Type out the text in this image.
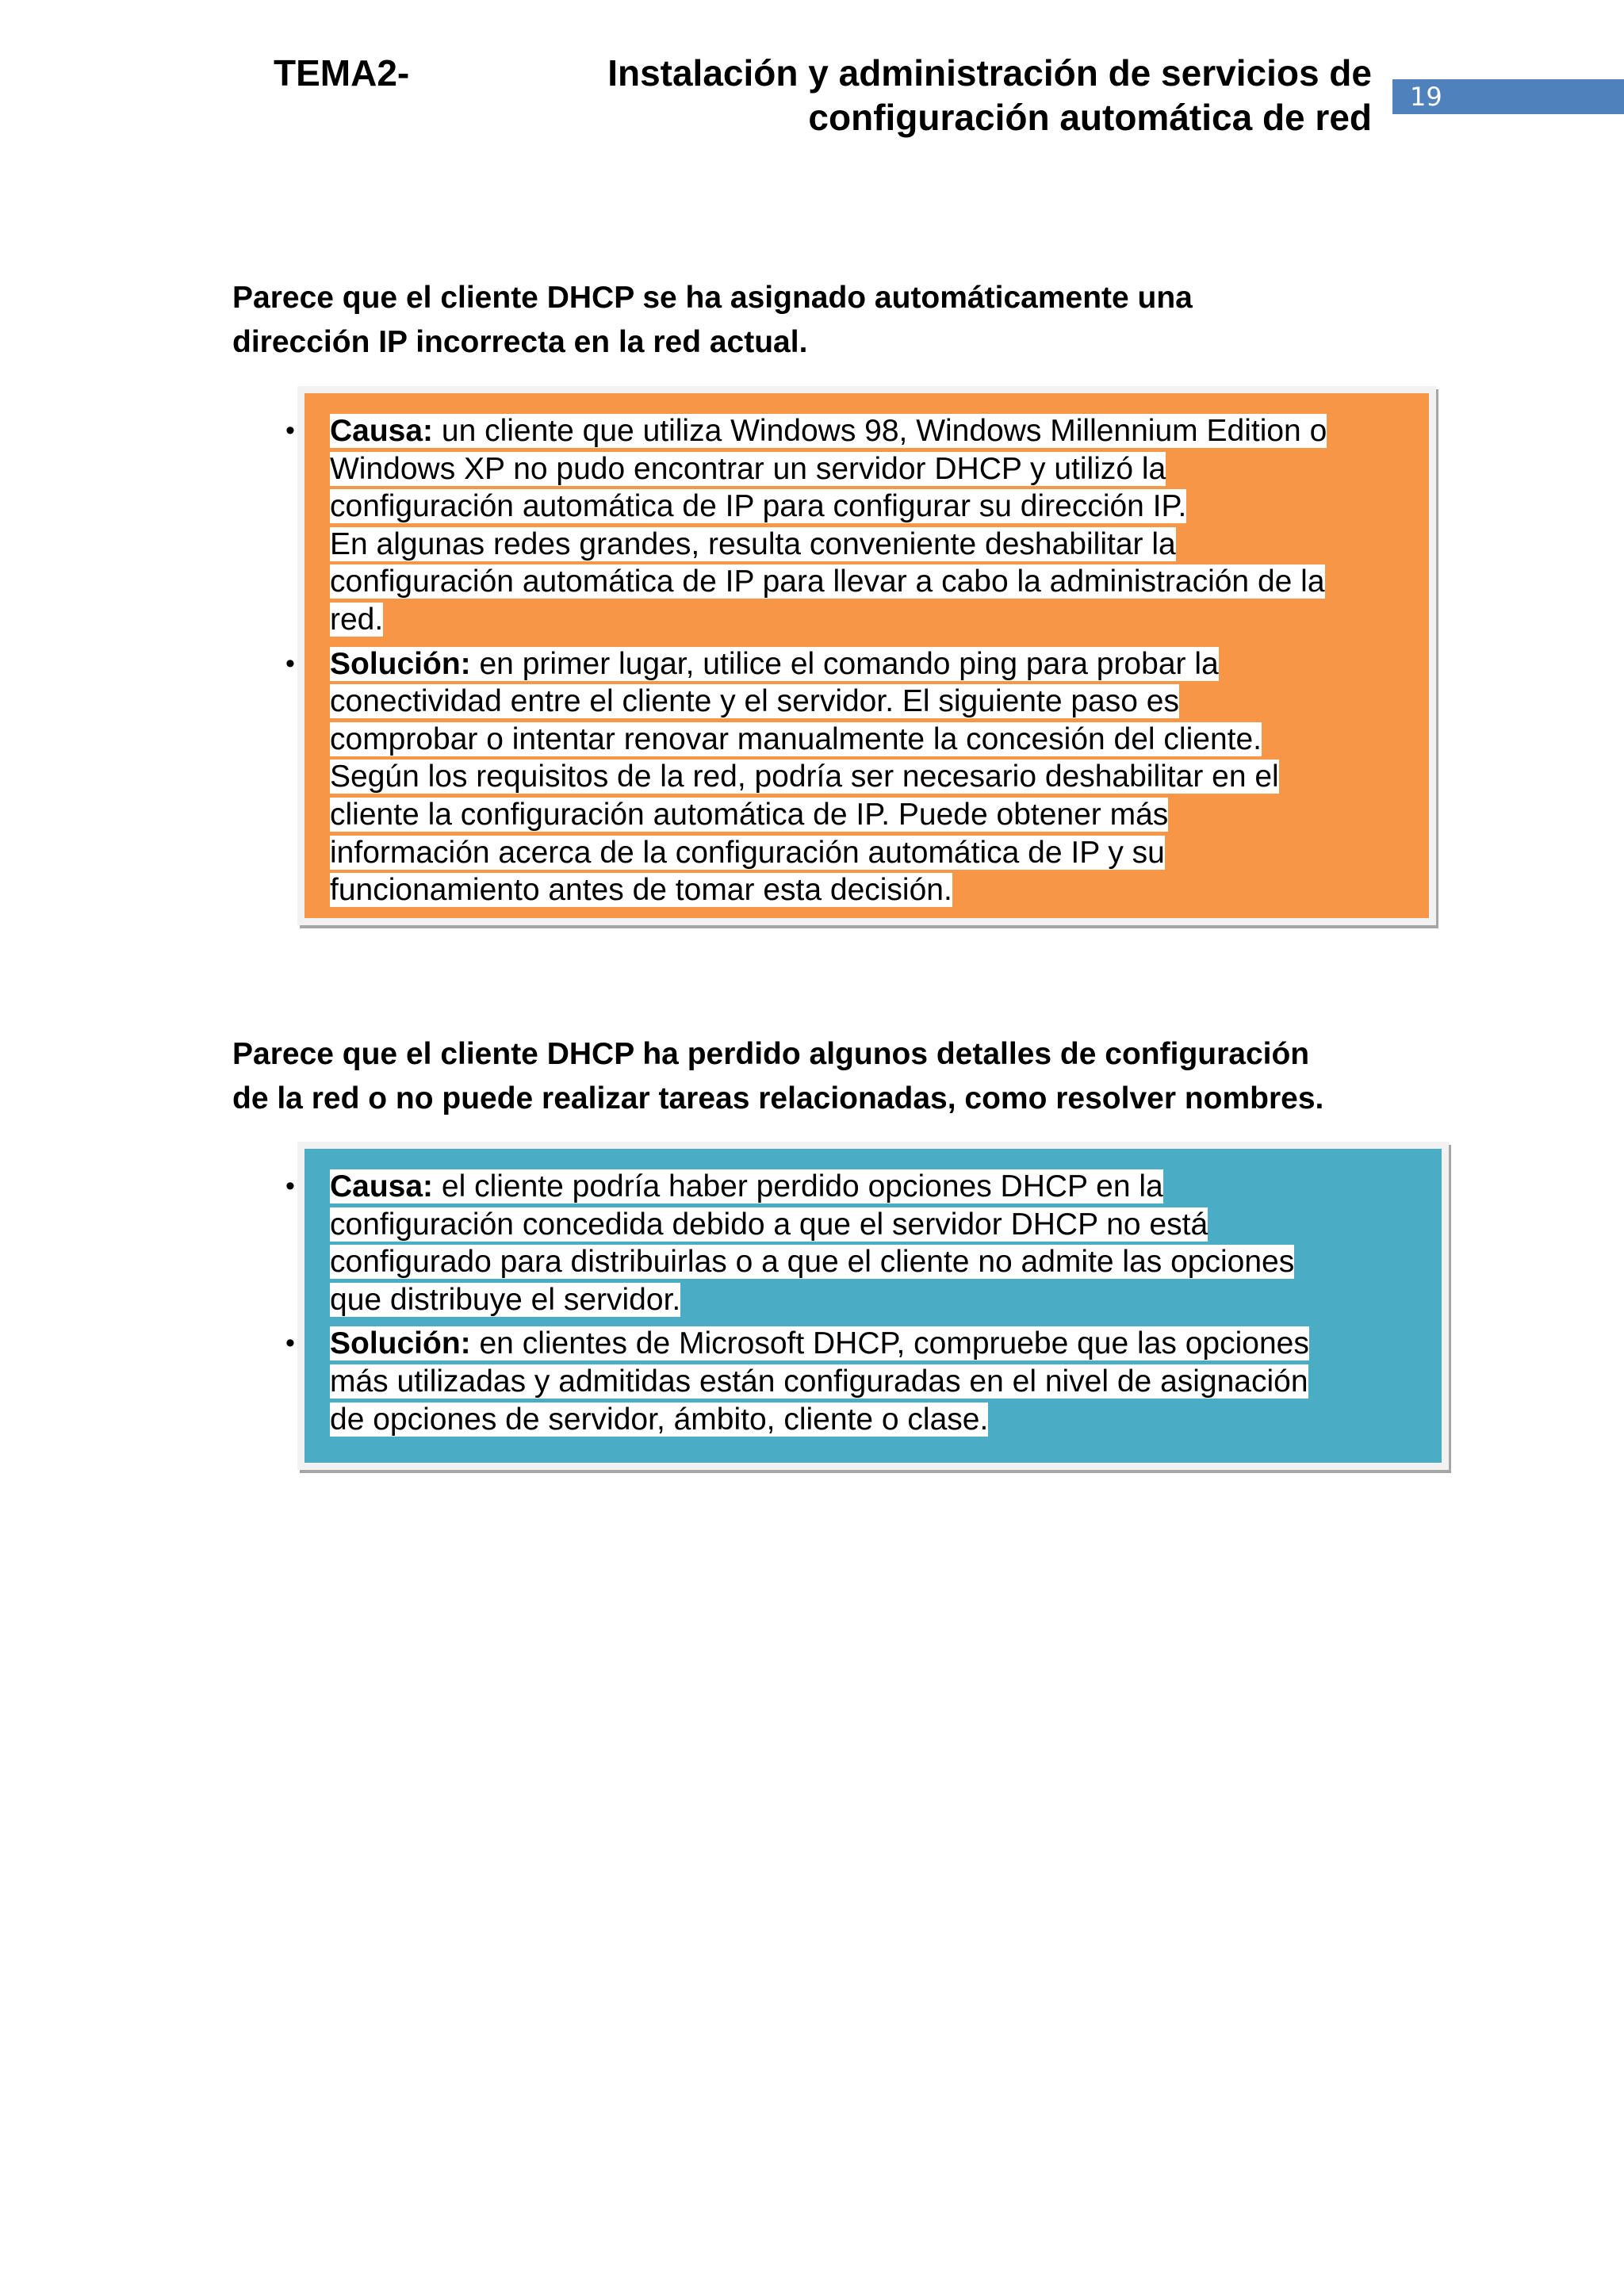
TEMA2-	Instalación y administración de servicios de
configuración automática de red 19
Parece que el cliente DHCP se ha asignado automáticamente una
dirección IP incorrecta en la red actual.
• Causa: un cliente que utiliza Windows 98, Windows Millennium Edition o
Windows XP no pudo encontrar un servidor DHCP y utilizó la
configuración automática de IP para configurar su dirección IP.
En algunas redes grandes, resulta conveniente deshabilitar la
configuración automática de IP para llevar a cabo la administración de la
red.
• Solución: en primer lugar, utilice el comando ping para probar la
conectividad entre el cliente y el servidor. El siguiente paso es
comprobar o intentar renovar manualmente la concesión del cliente.
Según los requisitos de la red, podría ser necesario deshabilitar en el
cliente la configuración automática de IP. Puede obtener más
información acerca de la configuración automática de IP y su
funcionamiento antes de tomar esta decisión.
Parece que el cliente DHCP ha perdido algunos detalles de configuración
de la red o no puede realizar tareas relacionadas, como resolver nombres.
• Causa: el cliente podría haber perdido opciones DHCP en la
configuración concedida debido a que el servidor DHCP no está
configurado para distribuirlas o a que el cliente no admite las opciones
que distribuye el servidor.
• Solución: en clientes de Microsoft DHCP, compruebe que las opciones
más utilizadas y admitidas están configuradas en el nivel de asignación
de opciones de servidor, ámbito, cliente o clase.
